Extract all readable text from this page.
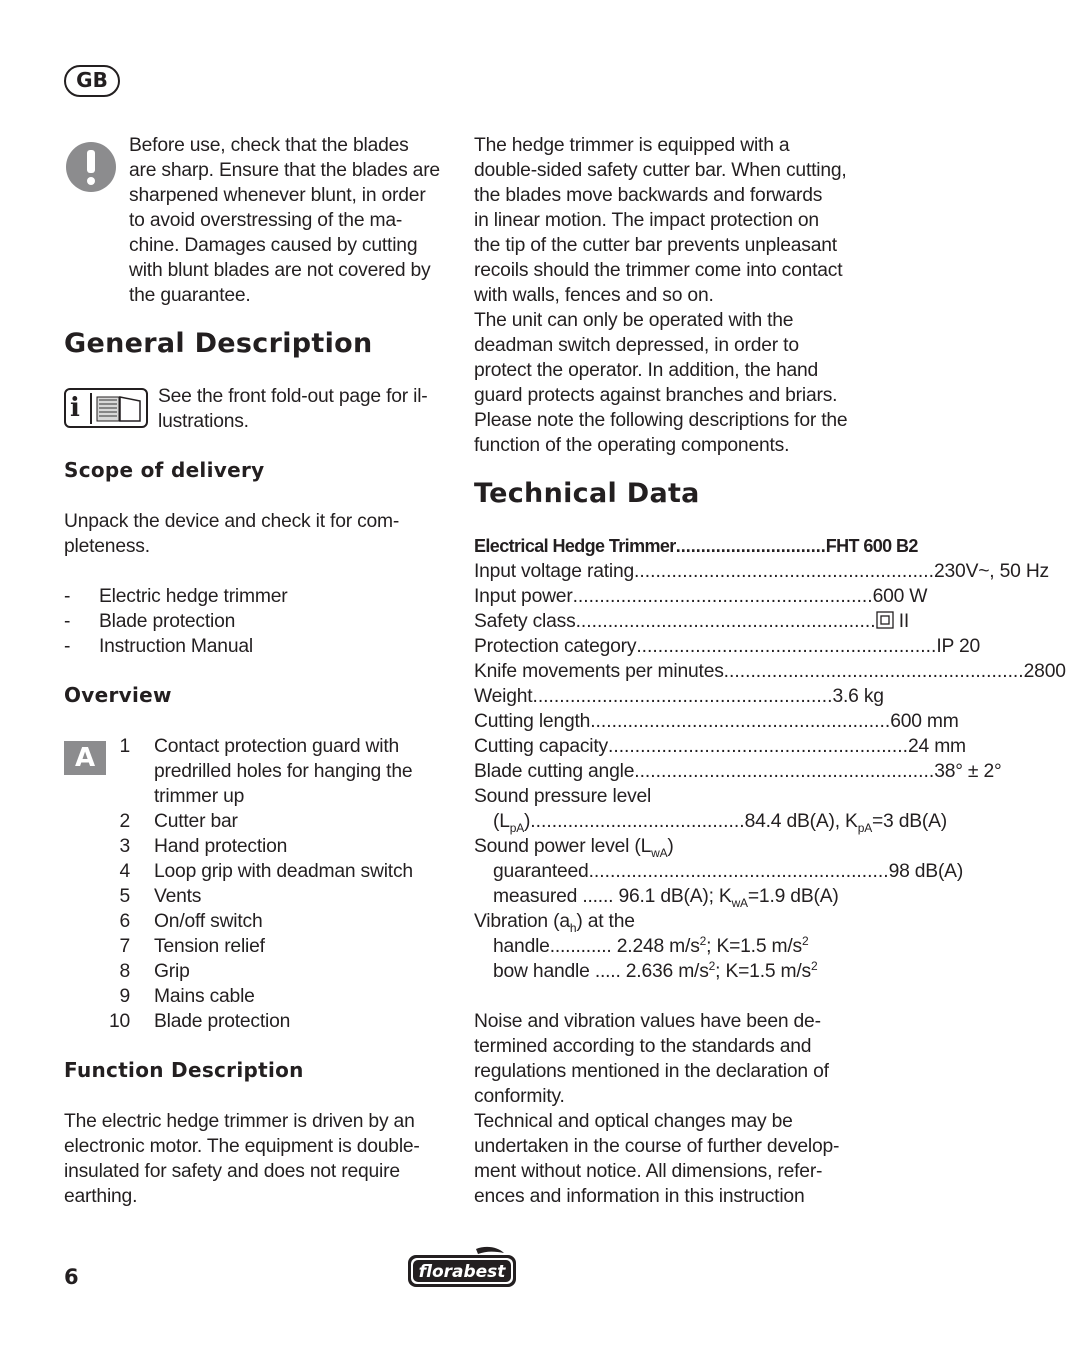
GB
Before use, check that the blades
are sharp. Ensure that the blades are
sharpened whenever blunt, in order
to avoid overstressing of the ma-
chine. Damages caused by cutting
with blunt blades are not covered by
the guarantee.
General Description
i	See the front fold-out page for il-
lustrations.
Scope of delivery
Unpack the device and check it for com-
pleteness.
-	Electric hedge trimmer
-	Blade protection
-	Instruction Manual
Overview
A	1 Contact protection guard with
predrilled holes for hanging the
trimmer up
2 Cutter bar
3 Hand protection
4 Loop grip with deadman switch
5 Vents
6 On/off switch
7 Tension relief
8 Grip
9 Mains cable
10 Blade protection
Function Description
The electric hedge trimmer is driven by an
electronic motor. The equipment is double-
insulated for safety and does not require
earthing.
The hedge trimmer is equipped with a
double-sided safety cutter bar. When cutting,
the blades move backwards and forwards
in linear motion. The impact protection on
the tip of the cutter bar prevents unpleasant
recoils should the trimmer come into contact
with walls, fences and so on.
The unit can only be operated with the
deadman switch depressed, in order to
protect the operator. In addition, the hand
guard protects against branches and briars.
Please note the following descriptions for the
function of the operating components.
Technical Data
Electrical Hedge Trimmer .............................. FHT 600 B2
Input voltage rating ........................................................ 230V~, 50 Hz
Input power ........................................................ 600 W
Safety class ........................................................	II
Protection category ........................................................ IP 20
Knife movements per minutes ........................................................ 2800
Weight ........................................................ 3.6 kg
Cutting length ........................................................ 600 mm
Cutting capacity ........................................................ 24 mm
Blade cutting angle ........................................................ 38° ± 2°
Sound pressure level
$(L_{pA})$ ........................................ 84.4 dB(A), $K_{pA}=3$ dB(A)
Sound power level $(L_{wA})$
guaranteed ........................................................ 98 dB(A)
measured ...... 96.1 dB(A); $K_{wA}=1.9$ dB(A)
Vibration $(a_h)$ at the
handle............ 2.248 $m/s^2$; K=1.5 $m/s^2$
bow handle ..... 2.636 $m/s^2$; K=1.5 $m/s^2$
Noise and vibration values have been de-
termined according to the standards and
regulations mentioned in the declaration of
conformity.
Technical and optical changes may be
undertaken in the course of further develop-
ment without notice. All dimensions, refer-
ences and information in this instruction
6	florabest
